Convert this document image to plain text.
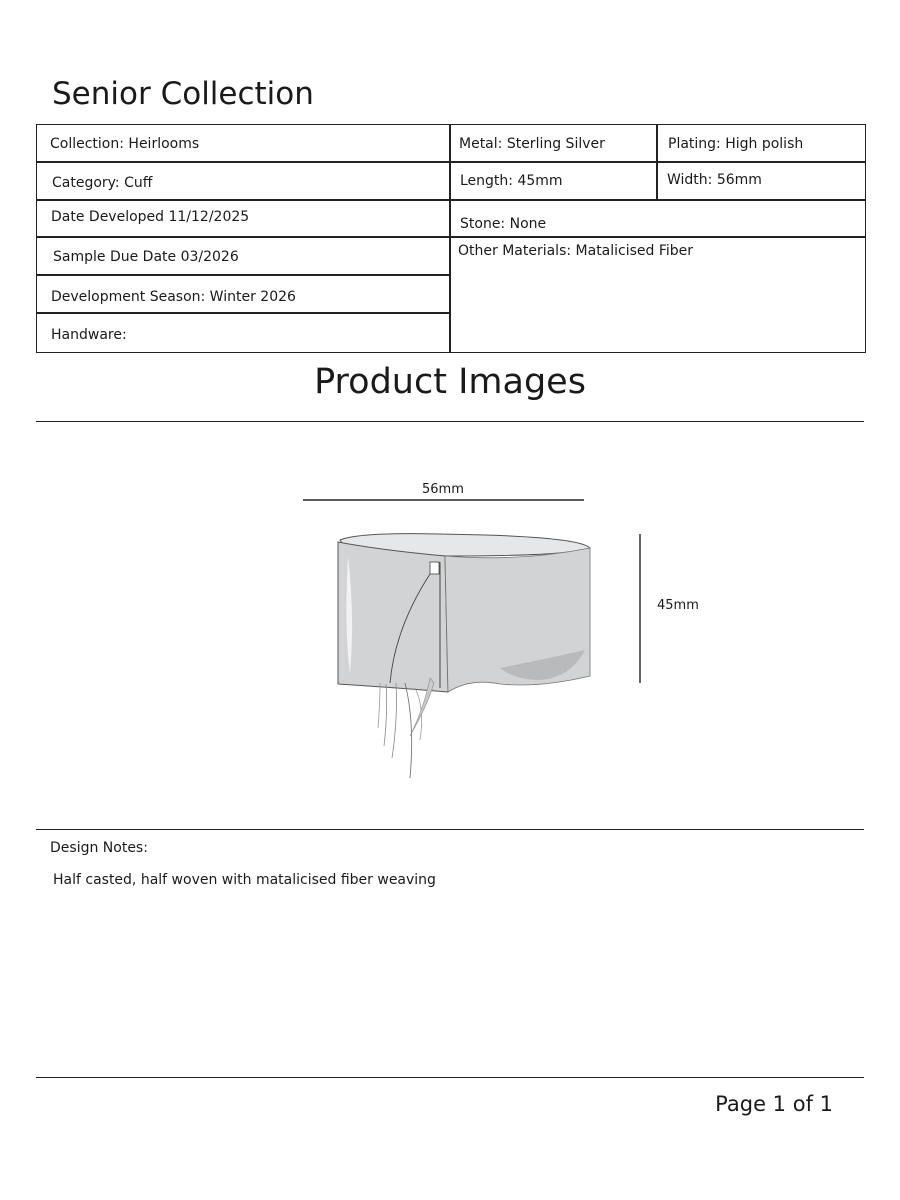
Senior Collection
Collection: Heirlooms
Category: Cuff
Date Developed 11/12/2025
Sample Due Date 03/2026
Development Season: Winter 2026
Handware:
Metal: Sterling Silver	Plating: High polish
Length: 45mm	Width: 56mm
Stone: None
Other Materials: Matalicised Fiber
Product Images
56mm
45mm
Design Notes:
Half casted, half woven with matalicised fiber weaving
Page 1 of 1
